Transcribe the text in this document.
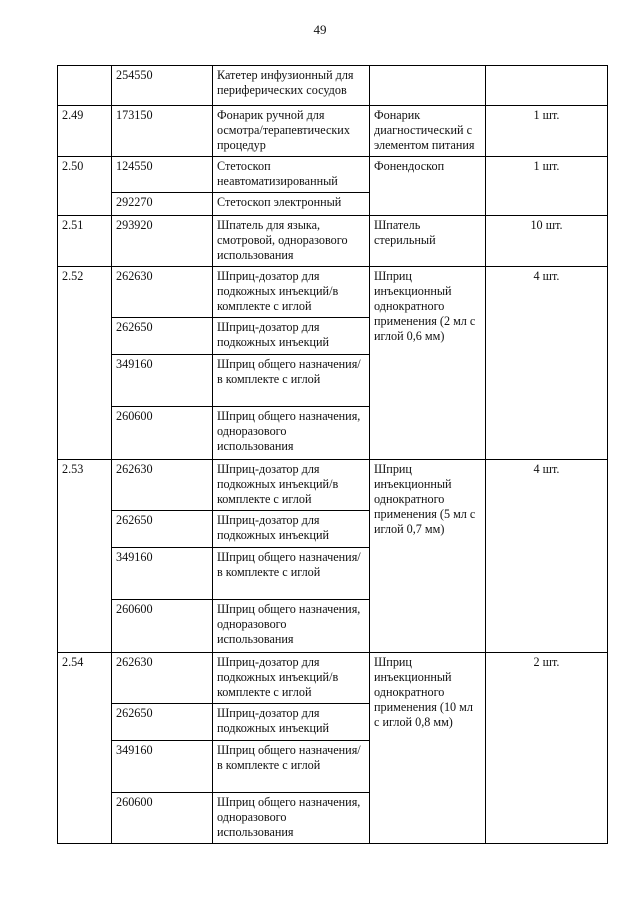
49
	254550	Катетер инфузионный для периферических сосудов		
2.49	173150	Фонарик ручной для осмотра/терапевтических процедур	Фонарик диагностический с элементом питания	1 шт.
2.50	124550	Стетоскоп неавтоматизированный	Фонендоскоп	1 шт.
	292270	Стетоскоп электронный		
2.51	293920	Шпатель для языка, смотровой, одноразового использования	Шпатель стерильный	10 шт.
2.52	262630	Шприц-дозатор для подкожных инъекций/в комплекте с иглой	Шприц инъекционный однократного применения (2 мл с иглой 0,6 мм)	4 шт.
	262650	Шприц-дозатор для подкожных инъекций		
	349160	Шприц общего назначения/в комплекте с иглой		
	260600	Шприц общего назначения, одноразового использования		
2.53	262630	Шприц-дозатор для подкожных инъекций/в комплекте с иглой	Шприц инъекционный однократного применения (5 мл с иглой 0,7 мм)	4 шт.
	262650	Шприц-дозатор для подкожных инъекций		
	349160	Шприц общего назначения/в комплекте с иглой		
	260600	Шприц общего назначения, одноразового использования		
2.54	262630	Шприц-дозатор для подкожных инъекций/в комплекте с иглой	Шприц инъекционный однократного применения (10 мл с иглой 0,8 мм)	2 шт.
	262650	Шприц-дозатор для подкожных инъекций		
	349160	Шприц общего назначения/в комплекте с иглой		
	260600	Шприц общего назначения, одноразового использования		
